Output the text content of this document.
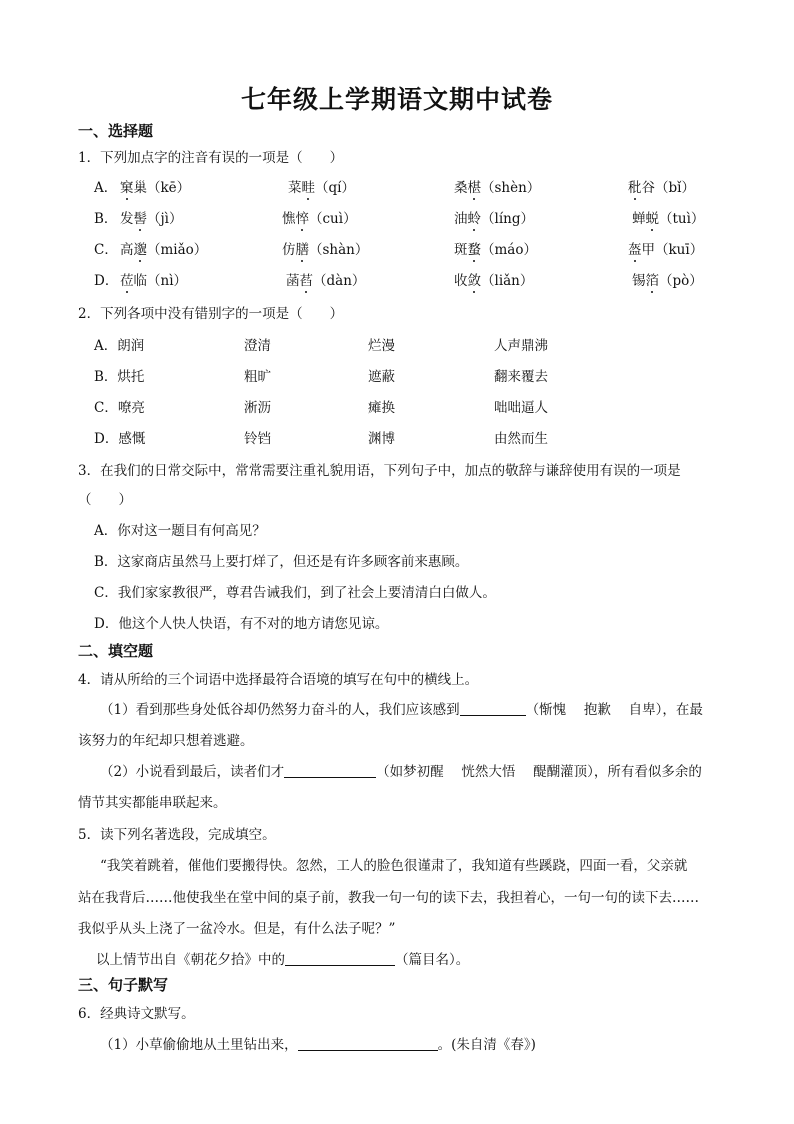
七年级上学期语文期中试卷
一、选择题
1．下列加点字的注音有误的一项是（　　）
A． 窠巢（kē）	菜畦（qí）	桑椹（shèn）	秕谷（bǐ）
B． 发髻（jì）	憔悴（cuì）	油蛉（líng）	蝉蜕（tuì）
C． 高邈（miǎo）	仿膳（shàn）	斑蝥（máo）	盔甲（kuī）
D． 莅临（nì）	菡萏（dàn）	收敛（liǎn）	锡箔（pò）
2．下列各项中没有错别字的一项是（　　）
A．朗润	澄清	烂漫	人声鼎沸
B．烘托	粗旷	遮蔽	翻来覆去
C．嘹亮	淅沥	瘫换	咄咄逼人
D．感慨	铃铛	渊博	由然而生
3．在我们的日常交际中，常常需要注重礼貌用语，下列句子中，加点的敬辞与谦辞使用有误的一项是
（　　）
A．你对这一题目有何高见？
B．这家商店虽然马上要打烊了，但还是有许多顾客前来惠顾。
C．我们家家教很严，尊君告诫我们，到了社会上要清清白白做人。
D．他这个人快人快语，有不对的地方请您见谅。
二、填空题
4．请从所给的三个词语中选择最符合语境的填写在句中的横线上。
（1）看到那些身处低谷却仍然努力奋斗的人，我们应该感到	（惭愧　 抱歉　 自卑），在最
该努力的年纪却只想着逃避。
（2）小说看到最后，读者们才	（如梦初醒　 恍然大悟　 醍醐灌顶），所有看似多余的
情节其实都能串联起来。
5．读下列名著选段，完成填空。
“我笑着跳着，催他们要搬得快。忽然，工人的脸色很谨肃了，我知道有些蹊跷，四面一看，父亲就
站在我背后……他使我坐在堂中间的桌子前，教我一句一句的读下去，我担着心，一句一句的读下去……
我似乎从头上浇了一盆冷水。但是，有什么法子呢？”
以上情节出自《朝花夕拾》中的	（篇目名）。
三、句子默写
6．经典诗文默写。
（1）小草偷偷地从土里钻出来，	。(朱自清《春》)
